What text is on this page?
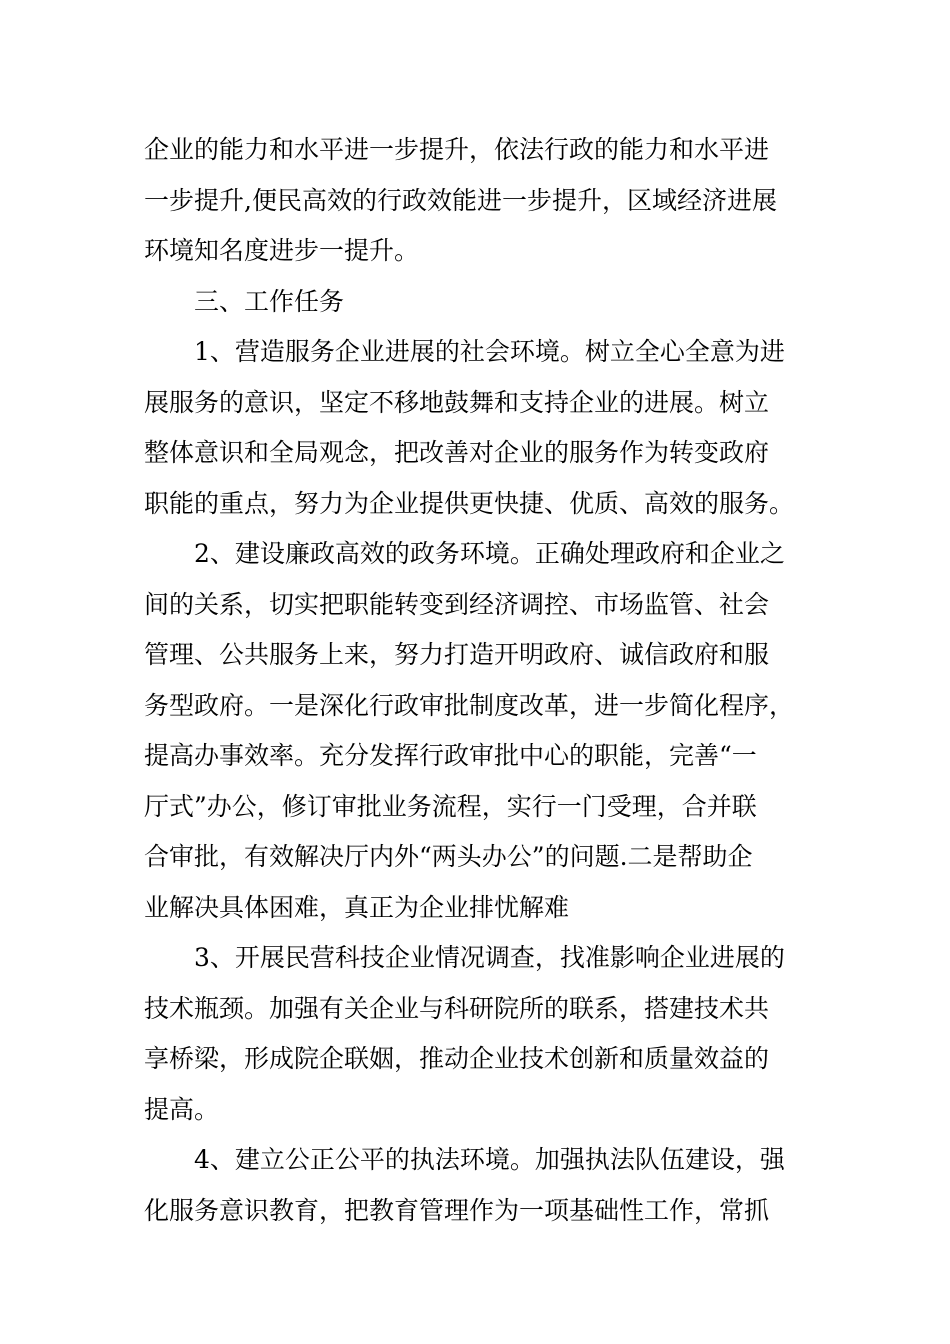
企业的能力和水平进一步提升，依法行政的能力和水平进
一步提升,便民高效的行政效能进一步提升，区域经济进展
环境知名度进步一提升。
三、工作任务
1、营造服务企业进展的社会环境。树立全心全意为进
展服务的意识，坚定不移地鼓舞和支持企业的进展。树立
整体意识和全局观念，把改善对企业的服务作为转变政府
职能的重点，努力为企业提供更快捷、优质、高效的服务。
2、建设廉政高效的政务环境。正确处理政府和企业之
间的关系，切实把职能转变到经济调控、市场监管、社会
管理、公共服务上来，努力打造开明政府、诚信政府和服
务型政府。一是深化行政审批制度改革，进一步简化程序，
提高办事效率。充分发挥行政审批中心的职能，完善“一
厅式”办公，修订审批业务流程，实行一门受理，合并联
合审批，有效解决厅内外“两头办公”的问题.二是帮助企
业解决具体困难，真正为企业排忧解难
3、开展民营科技企业情况调查，找准影响企业进展的
技术瓶颈。加强有关企业与科研院所的联系，搭建技术共
享桥梁，形成院企联姻，推动企业技术创新和质量效益的
提高。
4、建立公正公平的执法环境。加强执法队伍建设，强
化服务意识教育，把教育管理作为一项基础性工作，常抓
